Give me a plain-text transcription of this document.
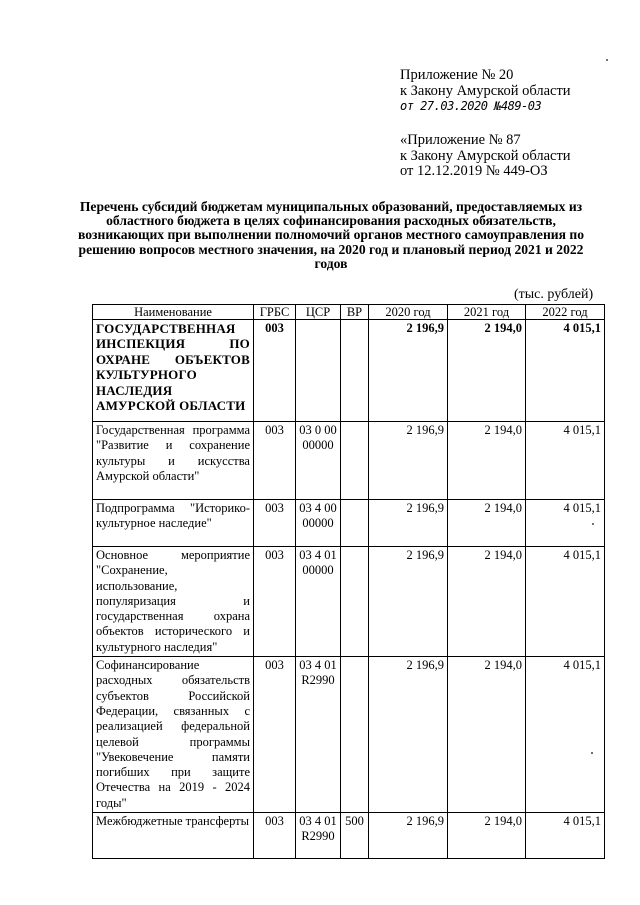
Приложение № 20
к Закону Амурской области
от 27.03.2020 №489-03
«Приложение № 87
к Закону Амурской области
от 12.12.2019 № 449-ОЗ
Перечень субсидий бюджетам муниципальных образований, предоставляемых из областного бюджета в целях софинансирования расходных обязательств, возникающих при выполнении полномочий органов местного самоуправления по решению вопросов местного значения, на 2020 год и плановый период 2021 и 2022 годов
(тыс. рублей)
Наименование	ГРБС	ЦСР	ВР	2020 год	2021 год	2022 год
ГОСУДАРСТВЕННАЯ ИНСПЕКЦИЯ ПО ОХРАНЕ ОБЪЕКТОВ КУЛЬТУРНОГО НАСЛЕДИЯ АМУРСКОЙ ОБЛАСТИ	003			2 196,9	2 194,0	4 015,1
Государственная программа "Развитие и сохранение культуры и искусства Амурской области"	003	03 0 00 00000		2 196,9	2 194,0	4 015,1
Подпрограмма "Историко-культурное наследие"	003	03 4 00 00000		2 196,9	2 194,0	4 015,1
Основное мероприятие "Сохранение, использование, популяризация и государственная охрана объектов исторического и культурного наследия"	003	03 4 01 00000		2 196,9	2 194,0	4 015,1
Софинансирование расходных обязательств субъектов Российской Федерации, связанных с реализацией федеральной целевой программы "Увековечение памяти погибших при защите Отечества на 2019 - 2024 годы"	003	03 4 01 R2990		2 196,9	2 194,0	4 015,1
Межбюджетные трансферты	003	03 4 01 R2990	500	2 196,9	2 194,0	4 015,1
